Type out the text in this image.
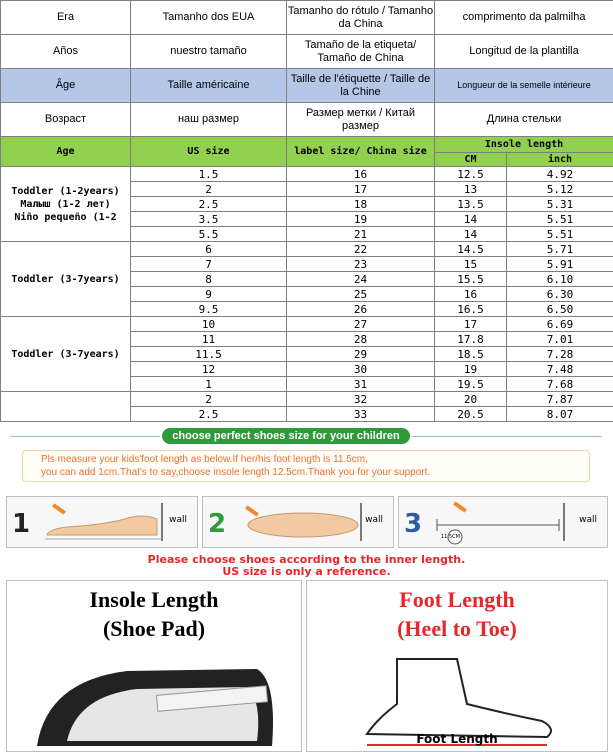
Era	Tamanho dos EUA	Tamanho do rótulo / Tamanho da China	comprimento da palmilha	
Años	nuestro tamaño	Tamaño de la etiqueta/ Tamaño de China	Longitud de la plantilla	
Âge	Taille américaine	Taille de l'étiquette / Taille de la Chine	Longueur de la semelle intérieure	
Возраст	наш размер	Размер метки / Китай размер	Длина стельки	
Age	US size	label size/ China size	Insole length	
			CM	inch
Toddler (1-2years)
Малыш (1-2 лет)
Niño pequeño (1-2	1.5	16	12.5	4.92
	2	17	13	5.12
	2.5	18	13.5	5.31
	3.5	19	14	5.51
	5.5	21	14	5.51
Toddler (3-7years)	6	22	14.5	5.71
	7	23	15	5.91
	8	24	15.5	6.10
	9	25	16	6.30
	9.5	26	16.5	6.50
Toddler (3-7years)	10	27	17	6.69
	11	28	17.8	7.01
	11.5	29	18.5	7.28
	12	30	19	7.48
	1	31	19.5	7.68
	2	32	20	7.87
	2.5	33	20.5	8.07
choose perfect shoes size for your children
Pls measure your kids'foot length as below.If her/his foot length is 11.5cm,
you can add 1cm.That's to say,choose insole length 12.5cm.Thank you for your support.
1	wall 2	wall 3	11.5CM
wall
Please choose shoes according to the inner length.
US size is only a reference.
Insole Length
(Shoe Pad)
Foot Length
(Heel to Toe)
Foot Length
